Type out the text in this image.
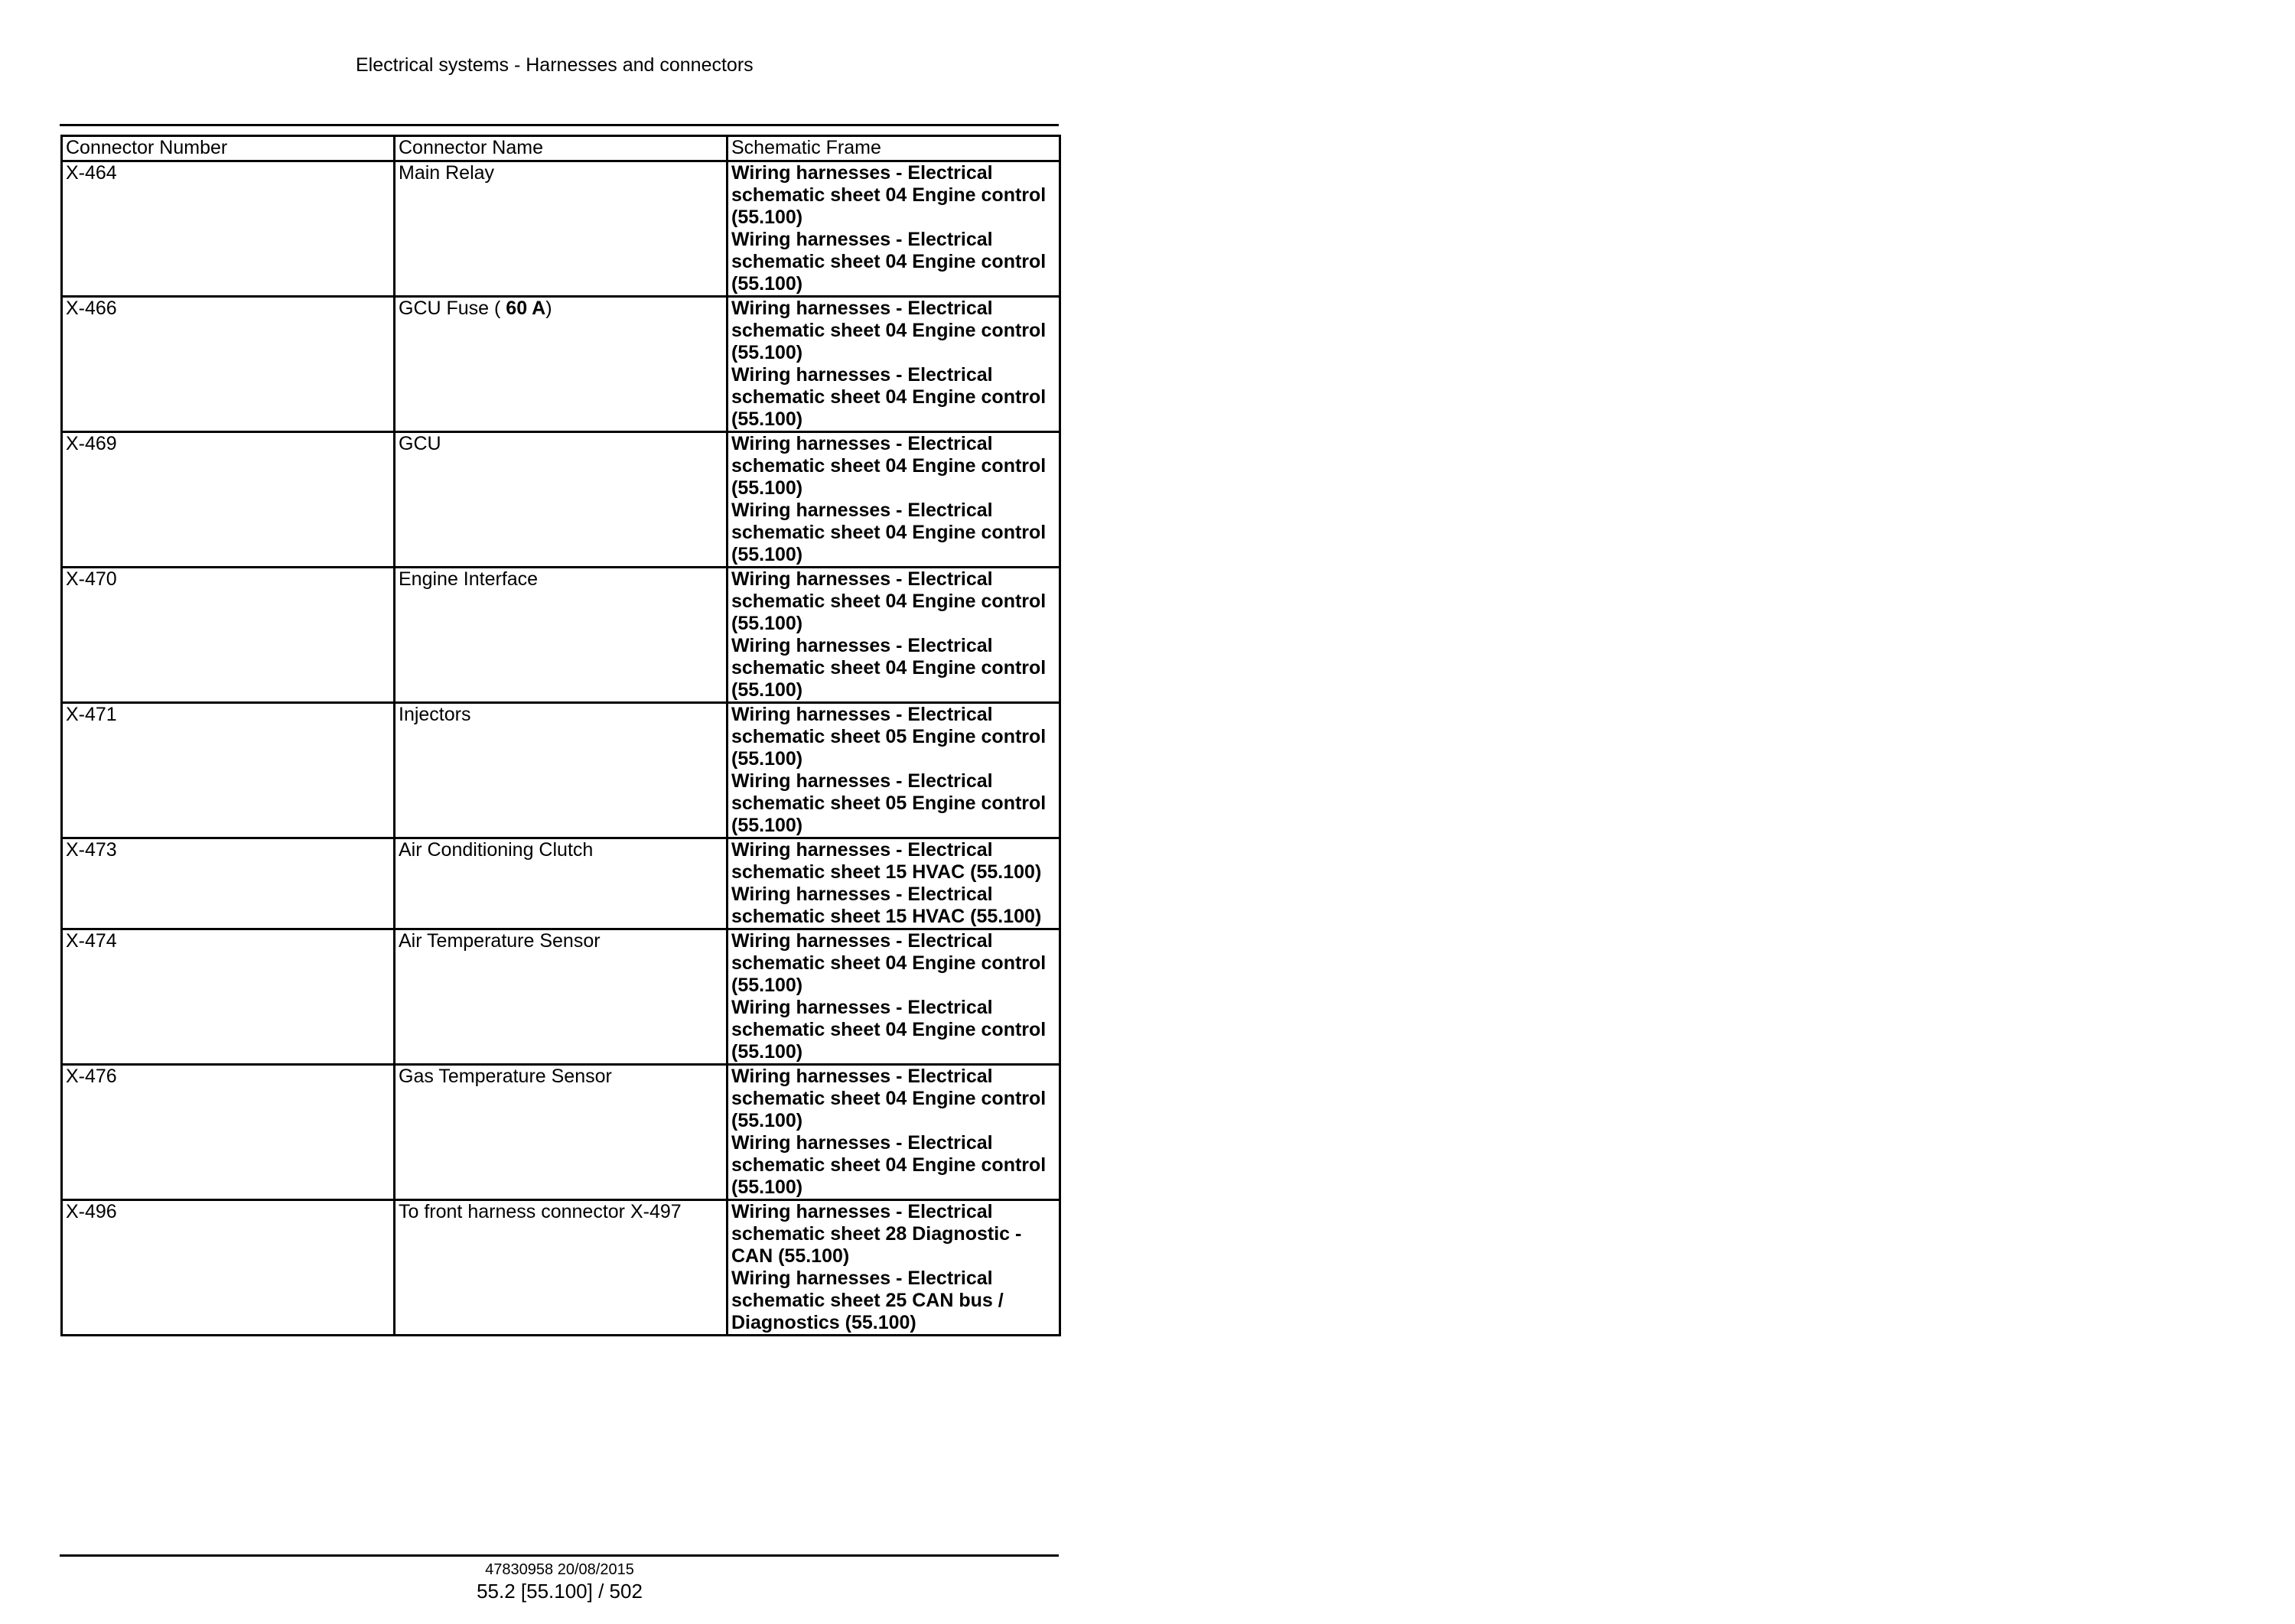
Electrical systems - Harnesses and connectors
Connector Number	Connector Name	Schematic Frame
X-464	Main Relay	Wiring harnesses - Electrical schematic sheet 04 Engine control (55.100)
Wiring harnesses - Electrical schematic sheet 04 Engine control (55.100)

X-466	GCU Fuse ( 60 A)	Wiring harnesses - Electrical schematic sheet 04 Engine control (55.100)
Wiring harnesses - Electrical schematic sheet 04 Engine control (55.100)

X-469	GCU	Wiring harnesses - Electrical schematic sheet 04 Engine control (55.100)
Wiring harnesses - Electrical schematic sheet 04 Engine control (55.100)

X-470	Engine Interface	Wiring harnesses - Electrical schematic sheet 04 Engine control (55.100)
Wiring harnesses - Electrical schematic sheet 04 Engine control (55.100)

X-471	Injectors	Wiring harnesses - Electrical schematic sheet 05 Engine control (55.100)
Wiring harnesses - Electrical schematic sheet 05 Engine control (55.100)

X-473	Air Conditioning Clutch	Wiring harnesses - Electrical schematic sheet 15 HVAC (55.100)
Wiring harnesses - Electrical schematic sheet 15 HVAC (55.100)

X-474	Air Temperature Sensor	Wiring harnesses - Electrical schematic sheet 04 Engine control (55.100)
Wiring harnesses - Electrical schematic sheet 04 Engine control (55.100)

X-476	Gas Temperature Sensor	Wiring harnesses - Electrical schematic sheet 04 Engine control (55.100)
Wiring harnesses - Electrical schematic sheet 04 Engine control (55.100)

X-496	To front harness connector X-497	Wiring harnesses - Electrical schematic sheet 28 Diagnostic - CAN (55.100)
Wiring harnesses - Electrical schematic sheet 25 CAN bus / Diagnostics (55.100)
47830958 20/08/2015
55.2 [55.100] / 502
